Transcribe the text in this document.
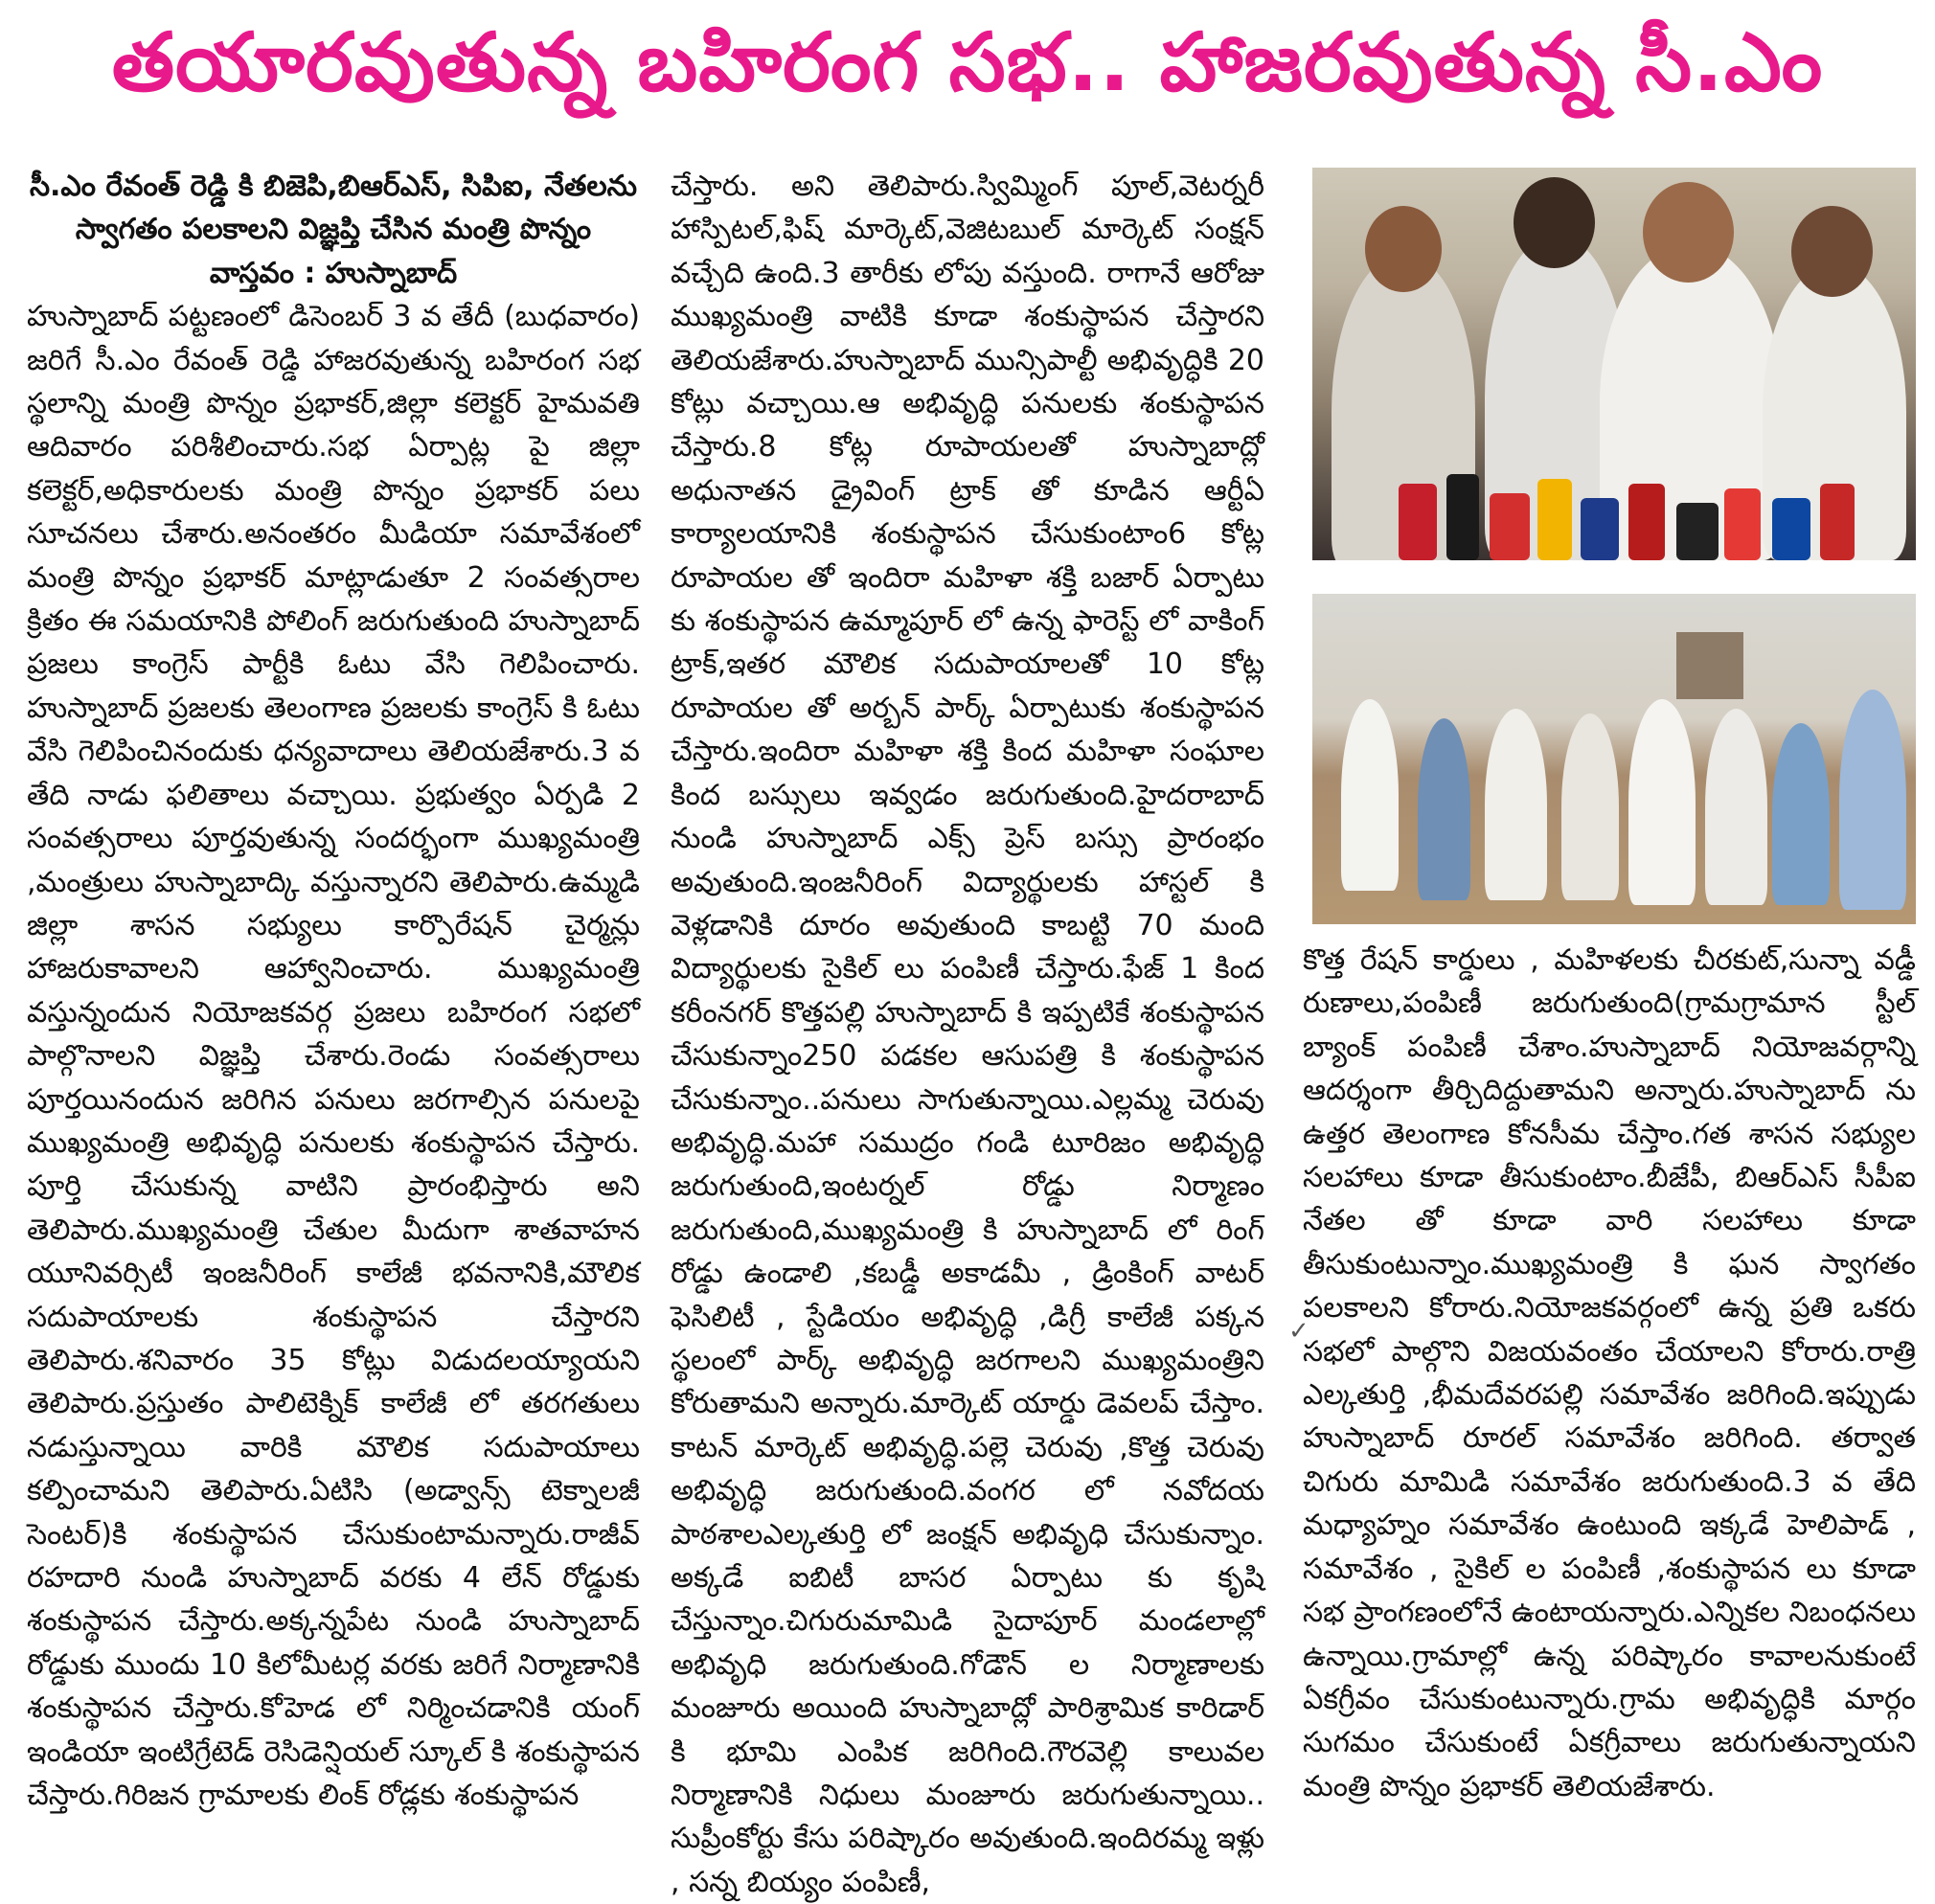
తయారవుతున్న బహిరంగ సభ.. హాజరవుతున్న సీ.ఎం
సీ.ఎం రేవంత్ రెడ్డి కి బిజెపి,బిఆర్ఎస్, సిపిఐ, నేతలను
స్వాగతం పలకాలని విజ్ఞప్తి చేసిన మంత్రి పొన్నం
వాస్తవం : హుస్నాబాద్

హుస్నాబాద్ పట్టణంలో డిసెంబర్ 3 వ తేదీ (బుధవారం) జరిగే సీ.ఎం రేవంత్ రెడ్డి హాజరవుతున్న బహిరంగ సభ స్థలాన్ని మంత్రి పొన్నం ప్రభాకర్,జిల్లా కలెక్టర్ హైమవతి ఆదివారం పరిశీలించారు.సభ ఏర్పాట్ల పై జిల్లా కలెక్టర్,అధికారులకు మంత్రి పొన్నం ప్రభాకర్ పలు సూచనలు చేశారు.అనంతరం మీడియా సమావేశంలో మంత్రి పొన్నం ప్రభాకర్ మాట్లాడుతూ 2 సంవత్సరాల క్రితం ఈ సమయానికి పోలింగ్ జరుగుతుంది హుస్నాబాద్ ప్రజలు కాంగ్రెస్ పార్టీకి ఓటు వేసి గెలిపించారు. హుస్నాబాద్ ప్రజలకు తెలంగాణ ప్రజలకు కాంగ్రెస్ కి ఓటు వేసి గెలిపించినందుకు ధన్యవాదాలు తెలియజేశారు.3 వ తేది నాడు ఫలితాలు వచ్చాయి. ప్రభుత్వం ఏర్పడి 2 సంవత్సరాలు పూర్తవుతున్న సందర్భంగా ముఖ్యమంత్రి ,మంత్రులు హుస్నాబాద్కి వస్తున్నారని తెలిపారు.ఉమ్మడి జిల్లా శాసన సభ్యులు కార్పొరేషన్ చైర్మన్లు హాజరుకావాలని ఆహ్వానించారు. ముఖ్యమంత్రి వస్తున్నందున నియోజకవర్గ ప్రజలు బహిరంగ సభలో పాల్గొనాలని విజ్ఞప్తి చేశారు.రెండు సంవత్సరాలు పూర్తయినందున జరిగిన పనులు జరగాల్సిన పనులపై ముఖ్యమంత్రి అభివృద్ధి పనులకు శంకుస్థాపన చేస్తారు. పూర్తి చేసుకున్న వాటిని ప్రారంభిస్తారు అని తెలిపారు.ముఖ్యమంత్రి చేతుల మీదుగా శాతవాహన యూనివర్సిటీ ఇంజనీరింగ్ కాలేజీ భవనానికి,మౌలిక సదుపాయాలకు శంకుస్థాపన చేస్తారని తెలిపారు.శనివారం 35 కోట్లు విడుదలయ్యాయని తెలిపారు.ప్రస్తుతం పాలిటెక్నిక్ కాలేజీ లో తరగతులు నడుస్తున్నాయి వారికి మౌలిక సదుపాయాలు కల్పించామని తెలిపారు.ఏటిసి (అడ్వాన్స్ టెక్నాలజీ సెంటర్)కి శంకుస్థాపన చేసుకుంటామన్నారు.రాజీవ్ రహదారి నుండి హుస్నాబాద్ వరకు 4 లేన్ రోడ్డుకు శంకుస్థాపన చేస్తారు.అక్కన్నపేట నుండి హుస్నాబాద్ రోడ్డుకు ముందు 10 కిలోమీటర్ల వరకు జరిగే నిర్మాణానికి శంకుస్థాపన చేస్తారు.కోహెడ లో నిర్మించడానికి యంగ్ ఇండియా ఇంటిగ్రేటెడ్ రెసిడెన్షియల్ స్కూల్ కి శంకుస్థాపన చేస్తారు.గిరిజన గ్రామాలకు లింక్ రోడ్లకు శంకుస్థాపన

చేస్తారు. అని తెలిపారు.స్విమ్మింగ్ పూల్,వెటర్నరీ హాస్పిటల్,ఫిష్ మార్కెట్,వెజిటబుల్ మార్కెట్ సంక్షన్ వచ్చేది ఉంది.3 తారీకు లోపు వస్తుంది. రాగానే ఆరోజు ముఖ్యమంత్రి వాటికి కూడా శంకుస్థాపన చేస్తారని తెలియజేశారు.హుస్నాబాద్ మున్సిపాల్టీ అభివృద్ధికి 20 కోట్లు వచ్చాయి.ఆ అభివృద్ధి పనులకు శంకుస్థాపన చేస్తారు.8 కోట్ల రూపాయలతో హుస్నాబాద్లో అధునాతన డ్రైవింగ్ ట్రాక్ తో కూడిన ఆర్టీఏ కార్యాలయానికి శంకుస్థాపన చేసుకుంటాం6 కోట్ల రూపాయల తో ఇందిరా మహిళా శక్తి బజార్ ఏర్పాటు కు శంకుస్థాపన ఉమ్మాపూర్ లో ఉన్న ఫారెస్ట్ లో వాకింగ్ ట్రాక్,ఇతర మౌలిక సదుపాయాలతో 10 కోట్ల రూపాయల తో అర్బన్ పార్క్ ఏర్పాటుకు శంకుస్థాపన చేస్తారు.ఇందిరా మహిళా శక్తి కింద మహిళా సంఘాల కింద బస్సులు ఇవ్వడం జరుగుతుంది.హైదరాబాద్ నుండి హుస్నాబాద్ ఎక్స్ ప్రెస్ బస్సు ప్రారంభం అవుతుంది.ఇంజనీరింగ్ విద్యార్థులకు హాస్టల్ కి వెళ్లడానికి దూరం అవుతుంది కాబట్టి 70 మంది విద్యార్థులకు సైకిల్ లు పంపిణీ చేస్తారు.ఫేజ్ 1 కింద కరీంనగర్ కొత్తపల్లి హుస్నాబాద్ కి ఇప్పటికే శంకుస్థాపన చేసుకున్నాం250 పడకల ఆసుపత్రి కి శంకుస్థాపన చేసుకున్నాం..పనులు సాగుతున్నాయి.ఎల్లమ్మ చెరువు అభివృద్ధి.మహా సముద్రం గండి టూరిజం అభివృద్ధి జరుగుతుంది,ఇంటర్నల్ రోడ్డు నిర్మాణం జరుగుతుంది,ముఖ్యమంత్రి కి హుస్నాబాద్ లో రింగ్ రోడ్డు ఉండాలి ,కబడ్డీ అకాడమీ , డ్రింకింగ్ వాటర్ ఫెసిలిటీ , స్టేడియం అభివృద్ధి ,డిగ్రీ కాలేజీ పక్కన స్థలంలో పార్క్ అభివృద్ధి జరగాలని ముఖ్యమంత్రిని కోరుతామని అన్నారు.మార్కెట్ యార్డు డెవలప్ చేస్తాం. కాటన్ మార్కెట్ అభివృద్ధి.పల్లె చెరువు ,కొత్త చెరువు అభివృద్ధి జరుగుతుంది.వంగర లో నవోదయ పాఠశాలఎల్కతుర్తి లో జంక్షన్ అభివృధి చేసుకున్నాం. అక్కడే ఐబిటీ బాసర ఏర్పాటు కు కృషి చేస్తున్నాం.చిగురుమామిడి సైదాపూర్ మండలాల్లో అభివృధి జరుగుతుంది.గోడౌన్ ల నిర్మాణాలకు మంజూరు అయింది హుస్నాబాద్లో పారిశ్రామిక కారిడార్ కి భూమి ఎంపిక జరిగింది.గౌరవెల్లి కాలువల నిర్మాణానికి నిధులు మంజూరు జరుగుతున్నాయి.. సుప్రీంకోర్టు కేసు పరిష్కారం అవుతుంది.ఇందిరమ్మ ఇళ్లు , సన్న బియ్యం పంపిణీ,

✓

కొత్త రేషన్ కార్డులు , మహిళలకు చీరకుట్,సున్నా వడ్డీ రుణాలు,పంపిణీ జరుగుతుంది(గ్రామగ్రామాన స్టీల్ బ్యాంక్ పంపిణీ చేశాం.హుస్నాబాద్ నియోజవర్గాన్ని ఆదర్శంగా తీర్చిదిద్దుతామని అన్నారు.హుస్నాబాద్ ను ఉత్తర తెలంగాణ కోనసీమ చేస్తాం.గత శాసన సభ్యుల సలహాలు కూడా తీసుకుంటాం.బీజేపీ, బిఆర్ఎస్ సీపీఐ నేతల తో కూడా వారి సలహాలు కూడా తీసుకుంటున్నాం.ముఖ్యమంత్రి కి ఘన స్వాగతం పలకాలని కోరారు.నియోజకవర్గంలో ఉన్న ప్రతి ఒకరు సభలో పాల్గొని విజయవంతం చేయాలని కోరారు.రాత్రి ఎల్కతుర్తి ,భీమదేవరపల్లి సమావేశం జరిగింది.ఇప్పుడు హుస్నాబాద్ రూరల్ సమావేశం జరిగింది. తర్వాత చిగురు మామిడి సమావేశం జరుగుతుంది.3 వ తేది మధ్యాహ్నం సమావేశం ఉంటుంది ఇక్కడే హెలిపాడ్ , సమావేశం , సైకిల్ ల పంపిణీ ,శంకుస్థాపన లు కూడా సభ ప్రాంగణంలోనే ఉంటాయన్నారు.ఎన్నికల నిబంధనలు ఉన్నాయి.గ్రామాల్లో ఉన్న పరిష్కారం కావాలనుకుంటే ఏకగ్రీవం చేసుకుంటున్నారు.గ్రామ అభివృద్ధికి మార్గం సుగమం చేసుకుంటే ఏకగ్రీవాలు జరుగుతున్నాయని మంత్రి పొన్నం ప్రభాకర్ తెలియజేశారు.
